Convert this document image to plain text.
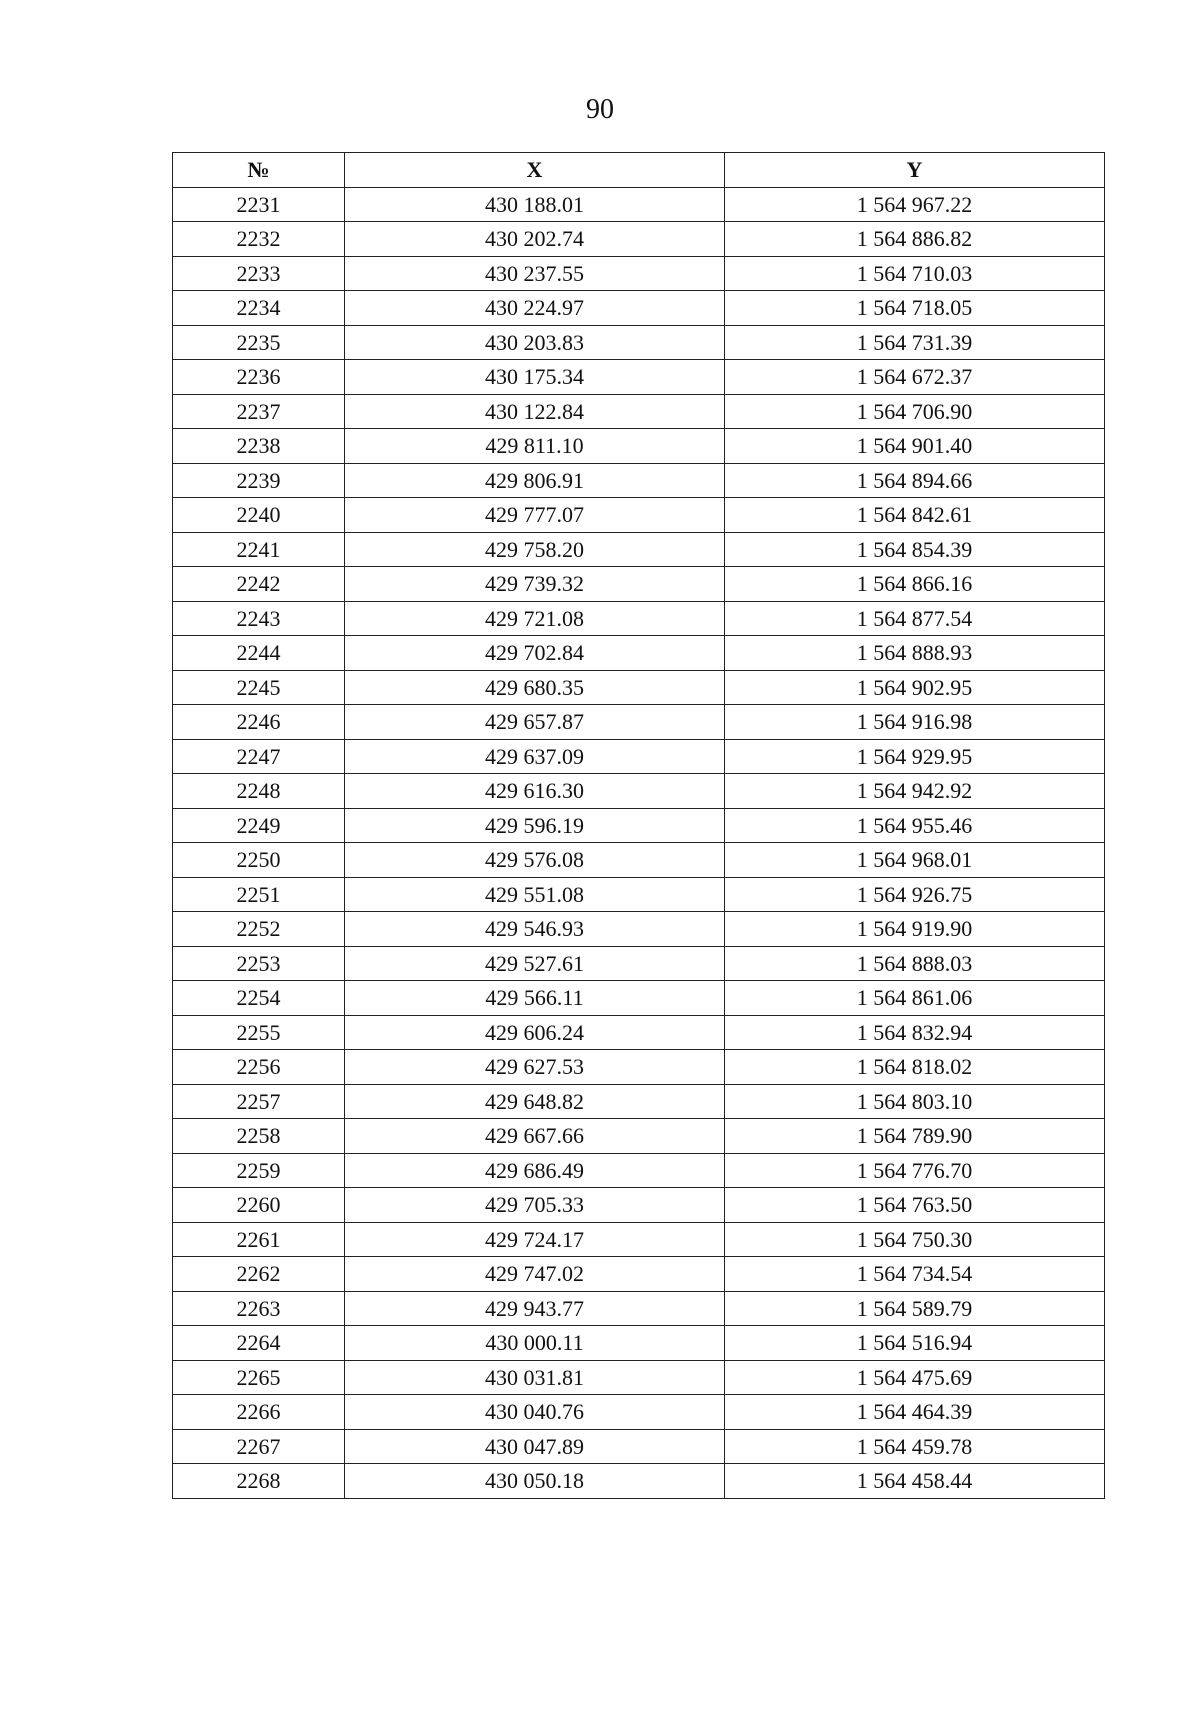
90
№	X	Y
2231	430 188.01	1 564 967.22
2232	430 202.74	1 564 886.82
2233	430 237.55	1 564 710.03
2234	430 224.97	1 564 718.05
2235	430 203.83	1 564 731.39
2236	430 175.34	1 564 672.37
2237	430 122.84	1 564 706.90
2238	429 811.10	1 564 901.40
2239	429 806.91	1 564 894.66
2240	429 777.07	1 564 842.61
2241	429 758.20	1 564 854.39
2242	429 739.32	1 564 866.16
2243	429 721.08	1 564 877.54
2244	429 702.84	1 564 888.93
2245	429 680.35	1 564 902.95
2246	429 657.87	1 564 916.98
2247	429 637.09	1 564 929.95
2248	429 616.30	1 564 942.92
2249	429 596.19	1 564 955.46
2250	429 576.08	1 564 968.01
2251	429 551.08	1 564 926.75
2252	429 546.93	1 564 919.90
2253	429 527.61	1 564 888.03
2254	429 566.11	1 564 861.06
2255	429 606.24	1 564 832.94
2256	429 627.53	1 564 818.02
2257	429 648.82	1 564 803.10
2258	429 667.66	1 564 789.90
2259	429 686.49	1 564 776.70
2260	429 705.33	1 564 763.50
2261	429 724.17	1 564 750.30
2262	429 747.02	1 564 734.54
2263	429 943.77	1 564 589.79
2264	430 000.11	1 564 516.94
2265	430 031.81	1 564 475.69
2266	430 040.76	1 564 464.39
2267	430 047.89	1 564 459.78
2268	430 050.18	1 564 458.44
